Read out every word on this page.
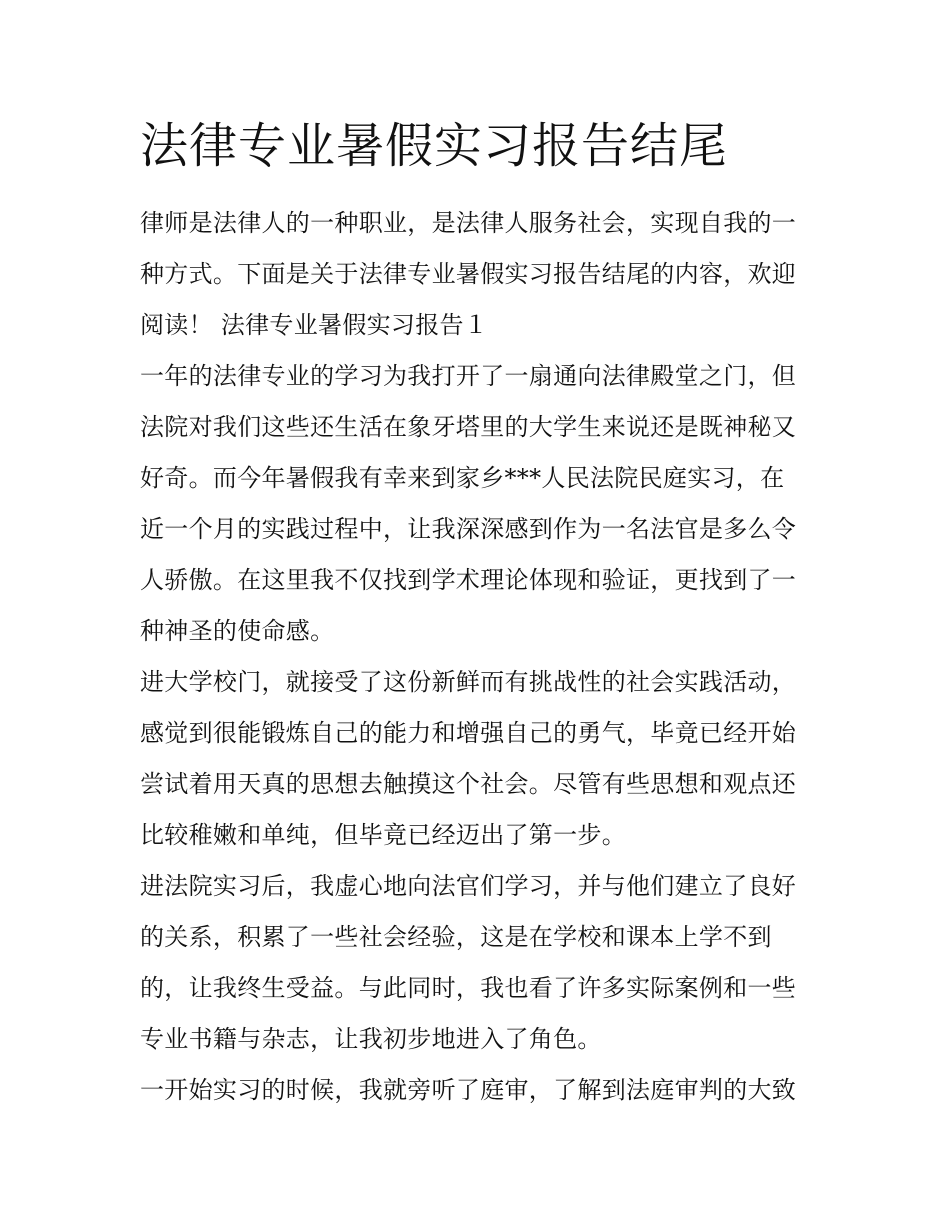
法律专业暑假实习报告结尾
律师是法律人的一种职业，是法律人服务社会，实现自我的一
种方式。下面是关于法律专业暑假实习报告结尾的内容，欢迎
阅读！ 法律专业暑假实习报告１
一年的法律专业的学习为我打开了一扇通向法律殿堂之门，但
法院对我们这些还生活在象牙塔里的大学生来说还是既神秘又
好奇。而今年暑假我有幸来到家乡***人民法院民庭实习，在
近一个月的实践过程中，让我深深感到作为一名法官是多么令
人骄傲。在这里我不仅找到学术理论体现和验证，更找到了一
种神圣的使命感。
进大学校门，就接受了这份新鲜而有挑战性的社会实践活动，
感觉到很能锻炼自己的能力和增强自己的勇气，毕竟已经开始
尝试着用天真的思想去触摸这个社会。尽管有些思想和观点还
比较稚嫩和单纯，但毕竟已经迈出了第一步。
进法院实习后，我虚心地向法官们学习，并与他们建立了良好
的关系，积累了一些社会经验，这是在学校和课本上学不到
的，让我终生受益。与此同时，我也看了许多实际案例和一些
专业书籍与杂志，让我初步地进入了角色。
一开始实习的时候，我就旁听了庭审，了解到法庭审判的大致
